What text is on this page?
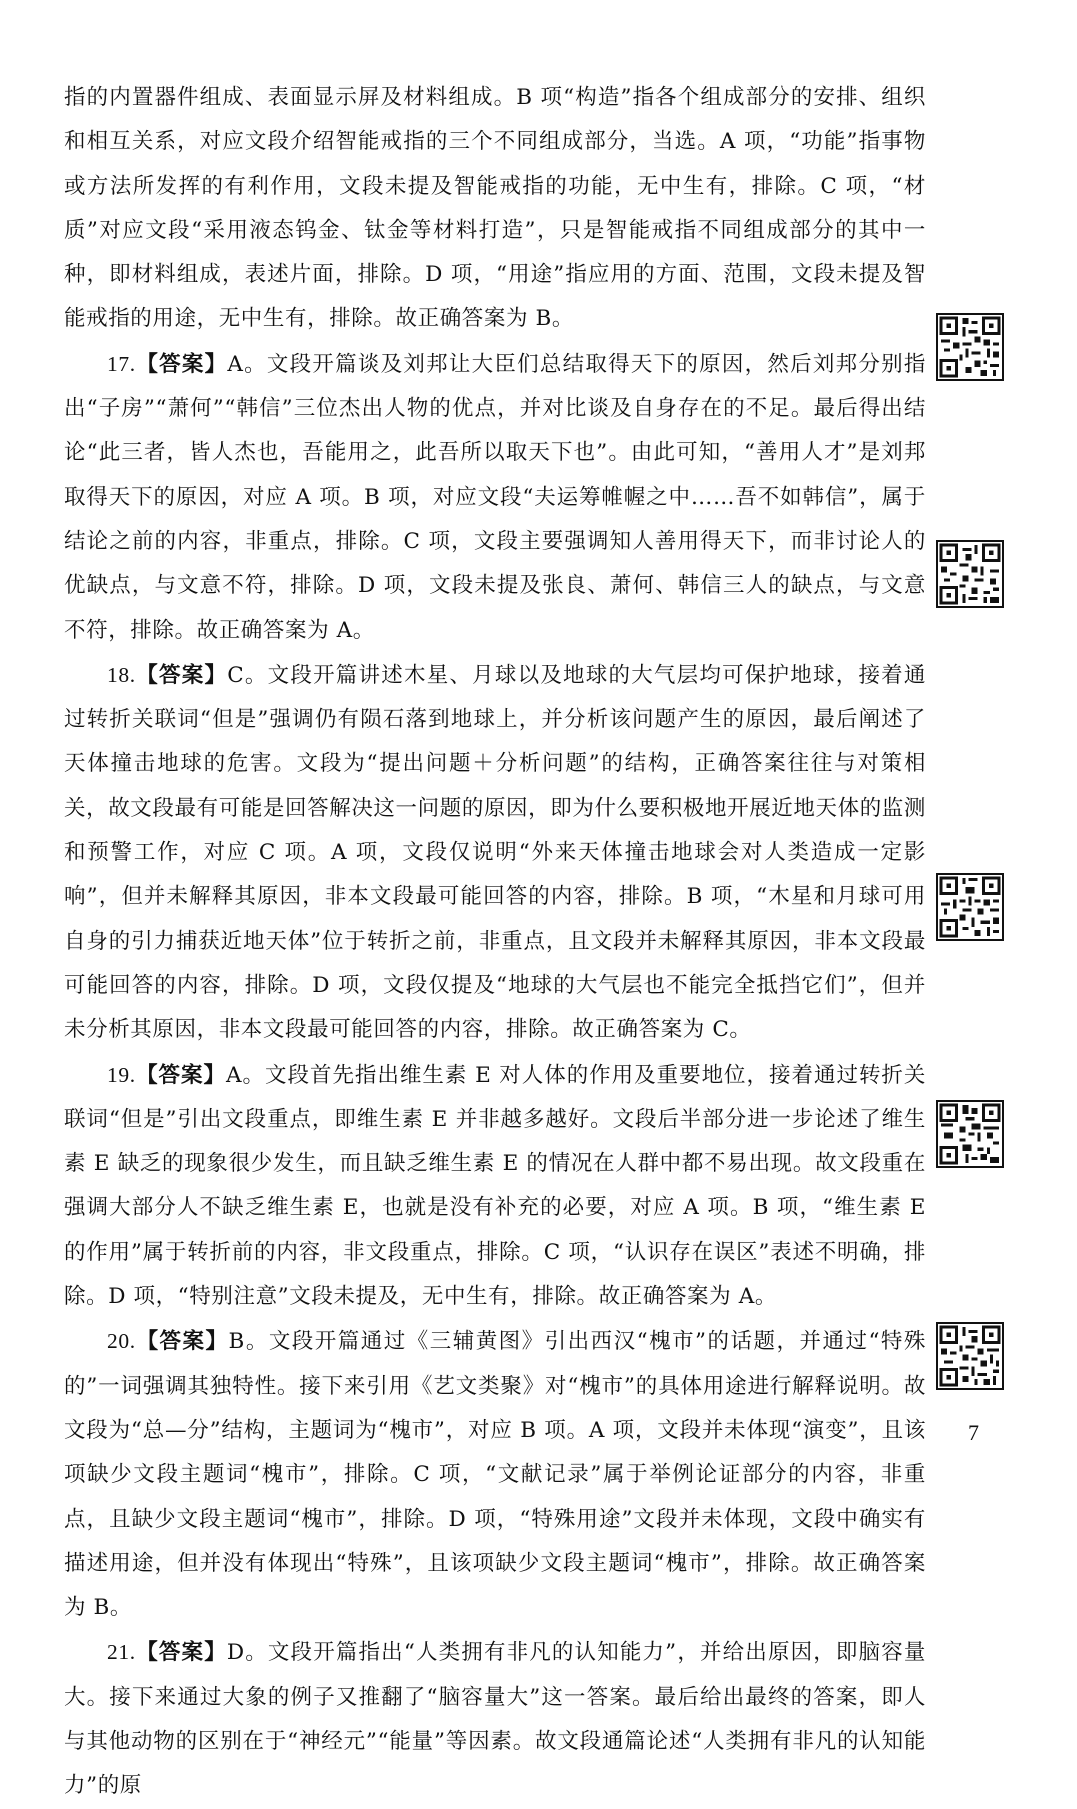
指的内置器件组成、表面显示屏及材料组成。B 项“构造”指各个组成部分的安排、组织和相互关系，对应文段介绍智能戒指的三个不同组成部分，当选。A 项，“功能”指事物或方法所发挥的有利作用，文段未提及智能戒指的功能，无中生有，排除。C 项，“材质”对应文段“采用液态钨金、钛金等材料打造”，只是智能戒指不同组成部分的其中一种，即材料组成，表述片面，排除。D 项，“用途”指应用的方面、范围，文段未提及智能戒指的用途，无中生有，排除。故正确答案为 B。

17.【答案】A。文段开篇谈及刘邦让大臣们总结取得天下的原因，然后刘邦分别指出“子房”“萧何”“韩信”三位杰出人物的优点，并对比谈及自身存在的不足。最后得出结论“此三者，皆人杰也，吾能用之，此吾所以取天下也”。由此可知，“善用人才”是刘邦取得天下的原因，对应 A 项。B 项，对应文段“夫运筹帷幄之中……吾不如韩信”，属于结论之前的内容，非重点，排除。C 项，文段主要强调知人善用得天下，而非讨论人的优缺点，与文意不符，排除。D 项，文段未提及张良、萧何、韩信三人的缺点，与文意不符，排除。故正确答案为 A。

18.【答案】C。文段开篇讲述木星、月球以及地球的大气层均可保护地球，接着通过转折关联词“但是”强调仍有陨石落到地球上，并分析该问题产生的原因，最后阐述了天体撞击地球的危害。文段为“提出问题＋分析问题”的结构，正确答案往往与对策相关，故文段最有可能是回答解决这一问题的原因，即为什么要积极地开展近地天体的监测和预警工作，对应 C 项。A 项，文段仅说明“外来天体撞击地球会对人类造成一定影响”，但并未解释其原因，非本文段最可能回答的内容，排除。B 项，“木星和月球可用自身的引力捕获近地天体”位于转折之前，非重点，且文段并未解释其原因，非本文段最可能回答的内容，排除。D 项，文段仅提及“地球的大气层也不能完全抵挡它们”，但并未分析其原因，非本文段最可能回答的内容，排除。故正确答案为 C。

19.【答案】A。文段首先指出维生素 E 对人体的作用及重要地位，接着通过转折关联词“但是”引出文段重点，即维生素 E 并非越多越好。文段后半部分进一步论述了维生素 E 缺乏的现象很少发生，而且缺乏维生素 E 的情况在人群中都不易出现。故文段重在强调大部分人不缺乏维生素 E，也就是没有补充的必要，对应 A 项。B 项，“维生素 E 的作用”属于转折前的内容，非文段重点，排除。C 项，“认识存在误区”表述不明确，排除。D 项，“特别注意”文段未提及，无中生有，排除。故正确答案为 A。

20.【答案】B。文段开篇通过《三辅黄图》引出西汉“槐市”的话题，并通过“特殊的”一词强调其独特性。接下来引用《艺文类聚》对“槐市”的具体用途进行解释说明。故文段为“总—分”结构，主题词为“槐市”，对应 B 项。A 项，文段并未体现“演变”，且该项缺少文段主题词“槐市”，排除。C 项，“文献记录”属于举例论证部分的内容，非重点，且缺少文段主题词“槐市”，排除。D 项，“特殊用途”文段并未体现，文段中确实有描述用途，但并没有体现出“特殊”，且该项缺少文段主题词“槐市”，排除。故正确答案为 B。

21.【答案】D。文段开篇指出“人类拥有非凡的认知能力”，并给出原因，即脑容量大。接下来通过大象的例子又推翻了“脑容量大”这一答案。最后给出最终的答案，即人与其他动物的区别在于“神经元”“能量”等因素。故文段通篇论述“人类拥有非凡的认知能力”的原

7
